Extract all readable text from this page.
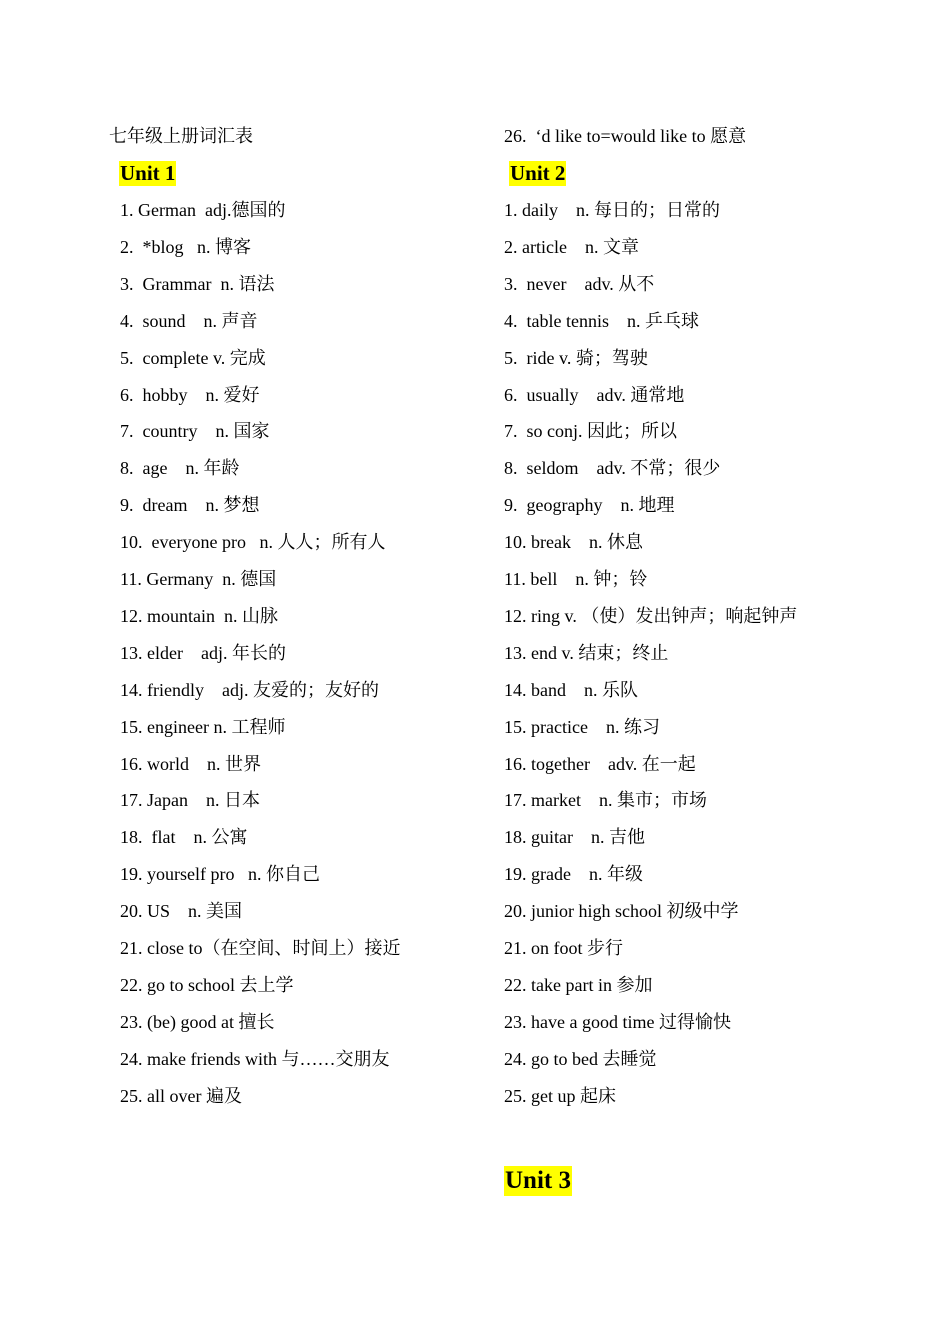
七年级上册词汇表
Unit 1
1. German  adj.德国的
2.  *blog   n. 博客
3.  Grammar  n. 语法
4.  sound    n. 声音
5.  complete v. 完成
6.  hobby    n. 爱好
7.  country    n. 国家
8.  age    n. 年龄
9.  dream    n. 梦想
10.  everyone pro   n. 人人；所有人
11. Germany  n. 德国
12. mountain  n. 山脉
13. elder    adj. 年长的
14. friendly    adj. 友爱的；友好的
15. engineer n. 工程师
16. world    n. 世界
17. Japan    n. 日本
18.  flat    n. 公寓
19. yourself pro   n. 你自己
20. US    n. 美国
21. close to（在空间、时间上）接近
22. go to school 去上学
23. (be) good at 擅长
24. make friends with 与……交朋友
25. all over 遍及
26.  ‘d like to=would like to 愿意
Unit 2
1. daily    n. 每日的；日常的
2. article    n. 文章
3.  never    adv. 从不
4.  table tennis    n. 乒乓球
5.  ride v. 骑；驾驶
6.  usually    adv. 通常地
7.  so conj. 因此；所以
8.  seldom    adv. 不常；很少
9.  geography    n. 地理
10. break    n. 休息
11. bell    n. 钟；铃
12. ring v. （使）发出钟声；响起钟声
13. end v. 结束；终止
14. band    n. 乐队
15. practice    n. 练习
16. together    adv. 在一起
17. market    n. 集市；市场
18. guitar    n. 吉他
19. grade    n. 年级
20. junior high school 初级中学
21. on foot 步行
22. take part in 参加
23. have a good time 过得愉快
24. go to bed 去睡觉
25. get up 起床
Unit 3
